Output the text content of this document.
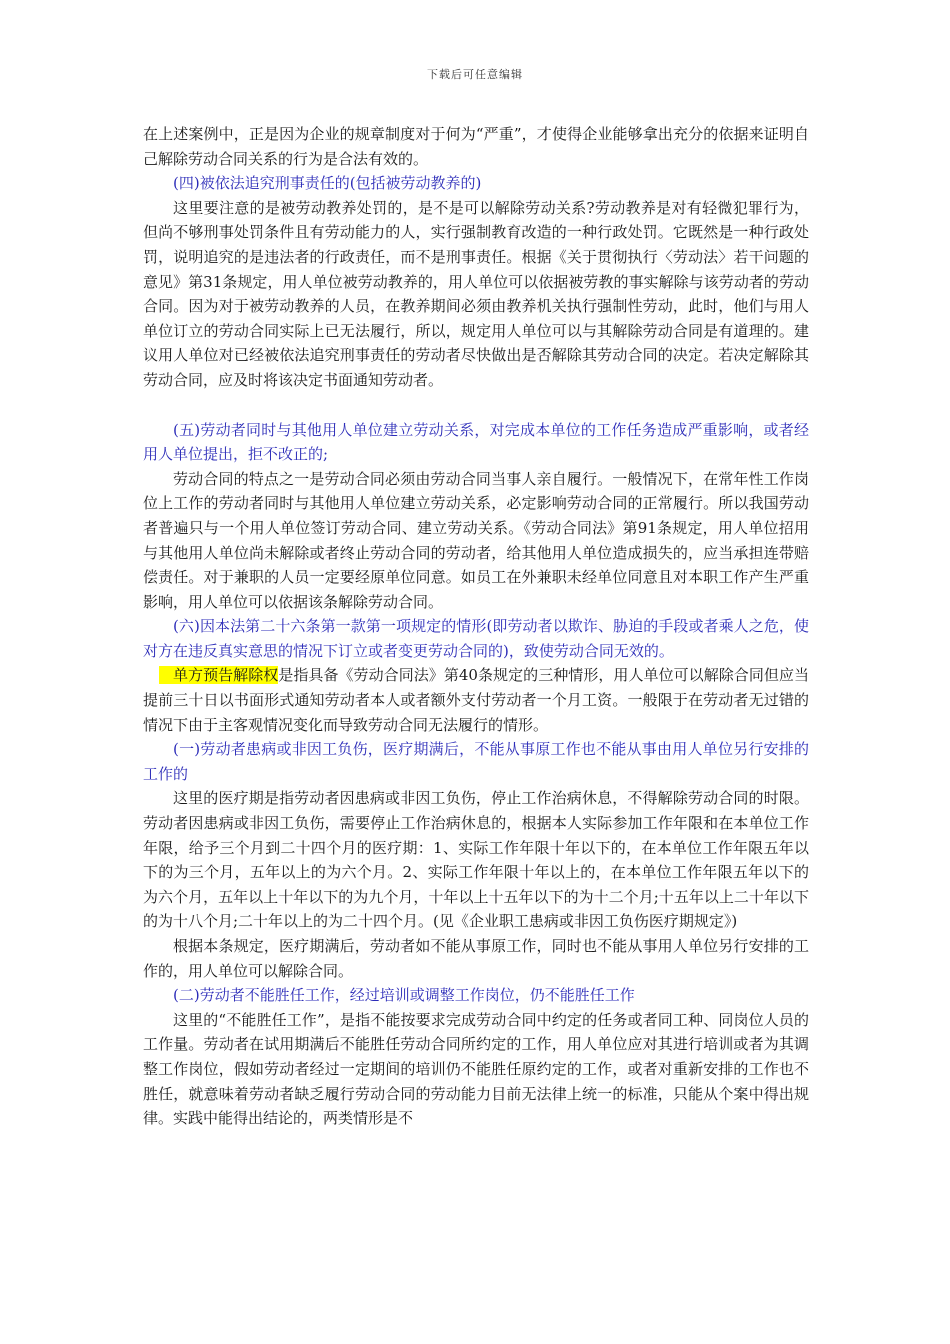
下载后可任意编辑

在上述案例中，正是因为企业的规章制度对于何为“严重”，才使得企业能够拿出充分的依据来证明自己解除劳动合同关系的行为是合法有效的。

(四)被依法追究刑事责任的(包括被劳动教养的)

这里要注意的是被劳动教养处罚的，是不是可以解除劳动关系?劳动教养是对有轻微犯罪行为，但尚不够刑事处罚条件且有劳动能力的人，实行强制教育改造的一种行政处罚。它既然是一种行政处罚，说明追究的是违法者的行政责任，而不是刑事责任。根据《关于贯彻执行〈劳动法〉若干问题的意见》第31条规定，用人单位被劳动教养的，用人单位可以依据被劳教的事实解除与该劳动者的劳动合同。因为对于被劳动教养的人员，在教养期间必须由教养机关执行强制性劳动，此时，他们与用人单位订立的劳动合同实际上已无法履行，所以，规定用人单位可以与其解除劳动合同是有道理的。建议用人单位对已经被依法追究刑事责任的劳动者尽快做出是否解除其劳动合同的决定。若决定解除其劳动合同，应及时将该决定书面通知劳动者。

(五)劳动者同时与其他用人单位建立劳动关系，对完成本单位的工作任务造成严重影响，或者经用人单位提出，拒不改正的;

劳动合同的特点之一是劳动合同必须由劳动合同当事人亲自履行。一般情况下，在常年性工作岗位上工作的劳动者同时与其他用人单位建立劳动关系，必定影响劳动合同的正常履行。所以我国劳动者普遍只与一个用人单位签订劳动合同、建立劳动关系。《劳动合同法》第91条规定，用人单位招用与其他用人单位尚未解除或者终止劳动合同的劳动者，给其他用人单位造成损失的，应当承担连带赔偿责任。对于兼职的人员一定要经原单位同意。如员工在外兼职未经单位同意且对本职工作产生严重影响，用人单位可以依据该条解除劳动合同。

(六)因本法第二十六条第一款第一项规定的情形(即劳动者以欺诈、胁迫的手段或者乘人之危，使对方在违反真实意思的情况下订立或者变更劳动合同的)，致使劳动合同无效的。

单方预告解除权是指具备《劳动合同法》第40条规定的三种情形，用人单位可以解除合同但应当提前三十日以书面形式通知劳动者本人或者额外支付劳动者一个月工资。一般限于在劳动者无过错的情况下由于主客观情况变化而导致劳动合同无法履行的情形。

(一)劳动者患病或非因工负伤，医疗期满后，不能从事原工作也不能从事由用人单位另行安排的工作的

这里的医疗期是指劳动者因患病或非因工负伤，停止工作治病休息，不得解除劳动合同的时限。劳动者因患病或非因工负伤，需要停止工作治病休息的，根据本人实际参加工作年限和在本单位工作年限，给予三个月到二十四个月的医疗期：1、实际工作年限十年以下的，在本单位工作年限五年以下的为三个月，五年以上的为六个月。2、实际工作年限十年以上的，在本单位工作年限五年以下的为六个月，五年以上十年以下的为九个月，十年以上十五年以下的为十二个月;十五年以上二十年以下的为十八个月;二十年以上的为二十四个月。(见《企业职工患病或非因工负伤医疗期规定》)

根据本条规定，医疗期满后，劳动者如不能从事原工作，同时也不能从事用人单位另行安排的工作的，用人单位可以解除合同。

(二)劳动者不能胜任工作，经过培训或调整工作岗位，仍不能胜任工作

这里的“不能胜任工作”，是指不能按要求完成劳动合同中约定的任务或者同工种、同岗位人员的工作量。劳动者在试用期满后不能胜任劳动合同所约定的工作，用人单位应对其进行培训或者为其调整工作岗位，假如劳动者经过一定期间的培训仍不能胜任原约定的工作，或者对重新安排的工作也不胜任，就意味着劳动者缺乏履行劳动合同的劳动能力目前无法律上统一的标准，只能从个案中得出规律。实践中能得出结论的，两类情形是不
